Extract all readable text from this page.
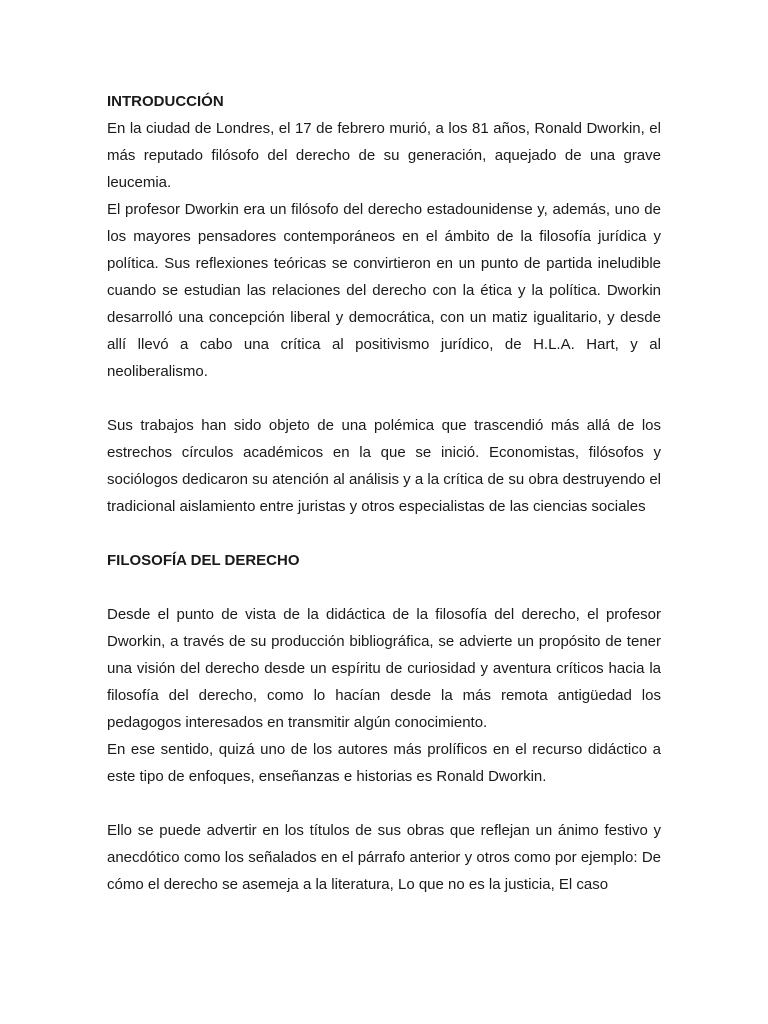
INTRODUCCIÓN

En la ciudad de Londres, el 17 de febrero murió, a los 81 años, Ronald Dworkin, el más reputado filósofo del derecho de su generación, aquejado de una grave leucemia.

El profesor Dworkin era un filósofo del derecho estadounidense y, además, uno de los mayores pensadores contemporáneos en el ámbito de la filosofía jurídica y política. Sus reflexiones teóricas se convirtieron en un punto de partida ineludible cuando se estudian las relaciones del derecho con la ética y la política. Dworkin desarrolló una concepción liberal y democrática, con un matiz igualitario, y desde allí llevó a cabo una crítica al positivismo jurídico, de H.L.A. Hart, y al neoliberalismo.

Sus trabajos han sido objeto de una polémica que trascendió más allá de los estrechos círculos académicos en la que se inició. Economistas, filósofos y sociólogos dedicaron su atención al análisis y a la crítica de su obra destruyendo el tradicional aislamiento entre juristas y otros especialistas de las ciencias sociales

FILOSOFÍA DEL DERECHO

Desde el punto de vista de la didáctica de la filosofía del derecho, el profesor Dworkin, a través de su producción bibliográfica, se advierte un propósito de tener una visión del derecho desde un espíritu de curiosidad y aventura críticos hacia la filosofía del derecho, como lo hacían desde la más remota antigüedad los pedagogos interesados en transmitir algún conocimiento.

En ese sentido, quizá uno de los autores más prolíficos en el recurso didáctico a este tipo de enfoques, enseñanzas e historias es Ronald Dworkin.

Ello se puede advertir en los títulos de sus obras que reflejan un ánimo festivo y anecdótico como los señalados en el párrafo anterior y otros como por ejemplo: De cómo el derecho se asemeja a la literatura, Lo que no es la justicia, El caso
